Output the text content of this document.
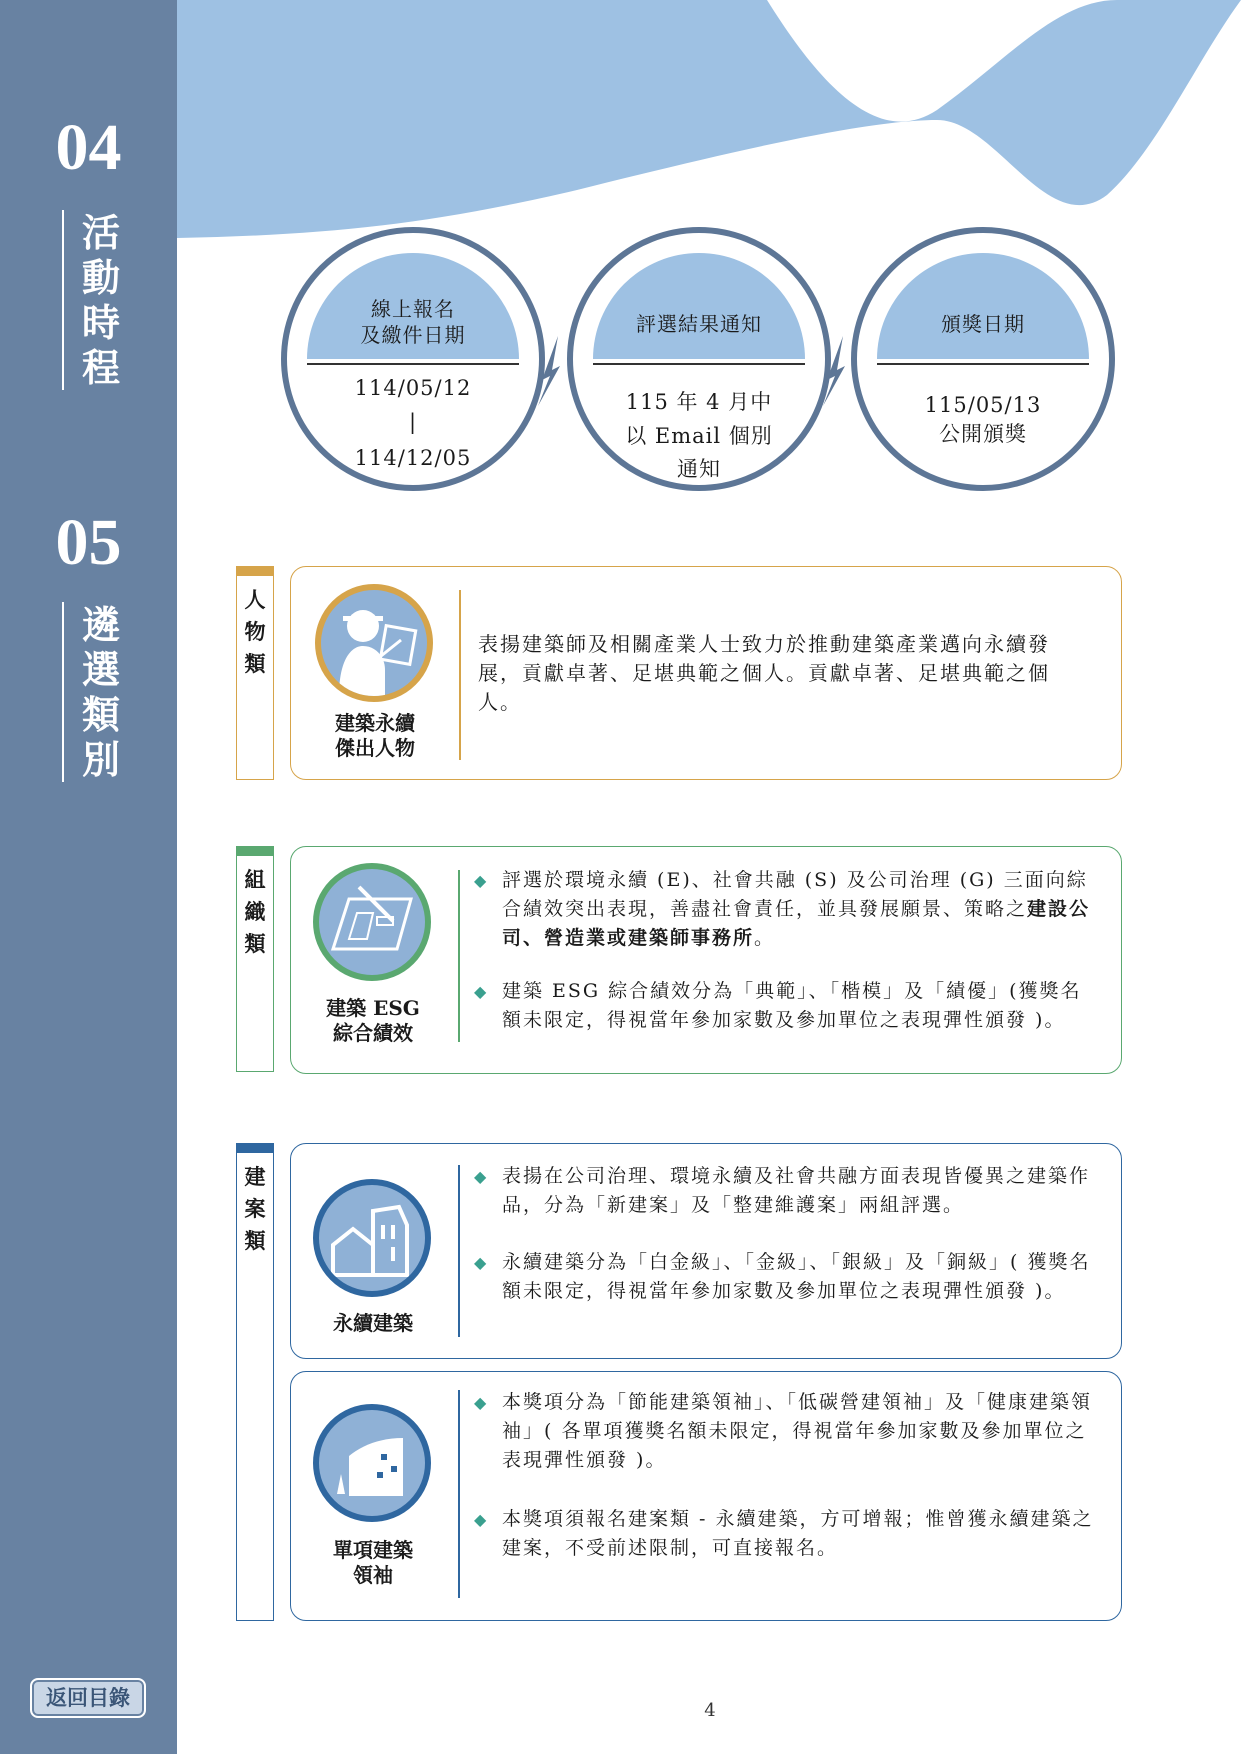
04
活動時程
05
遴選類別
返回目錄
線上報名
及繳件日期
114/05/12
|
114/12/05
評選結果通知
115 年 4 月中
以 Email 個別
通知
頒獎日期
115/05/13
公開頒獎
人物類
建築永續
傑出人物
表揚建築師及相關產業人士致力於推動建築產業邁向永續發展，貢獻卓著、足堪典範之個人。貢獻卓著、足堪典範之個人。
組織類
建築 ESG
綜合績效
◆ 評選於環境永續 (E)、社會共融 (S) 及公司治理 (G) 三面向綜合績效突出表現，善盡社會責任，並具發展願景、策略之建設公司、營造業或建築師事務所。
◆ 建築 ESG 綜合績效分為「典範」、「楷模」及「績優」(獲獎名額未限定，得視當年參加家數及參加單位之表現彈性頒發 )。
建案類
永續建築
◆ 表揚在公司治理、環境永續及社會共融方面表現皆優異之建築作品，分為「新建案」及「整建維護案」兩組評選。
◆ 永續建築分為「白金級」、「金級」、「銀級」及「銅級」( 獲獎名額未限定，得視當年參加家數及參加單位之表現彈性頒發 )。
單項建築
領袖
◆ 本獎項分為「節能建築領袖」、「低碳營建領袖」及「健康建築領袖」( 各單項獲獎名額未限定，得視當年參加家數及參加單位之表現彈性頒發 )。
◆ 本獎項須報名建案類 - 永續建築，方可增報；惟曾獲永續建築之建案，不受前述限制，可直接報名。
4
